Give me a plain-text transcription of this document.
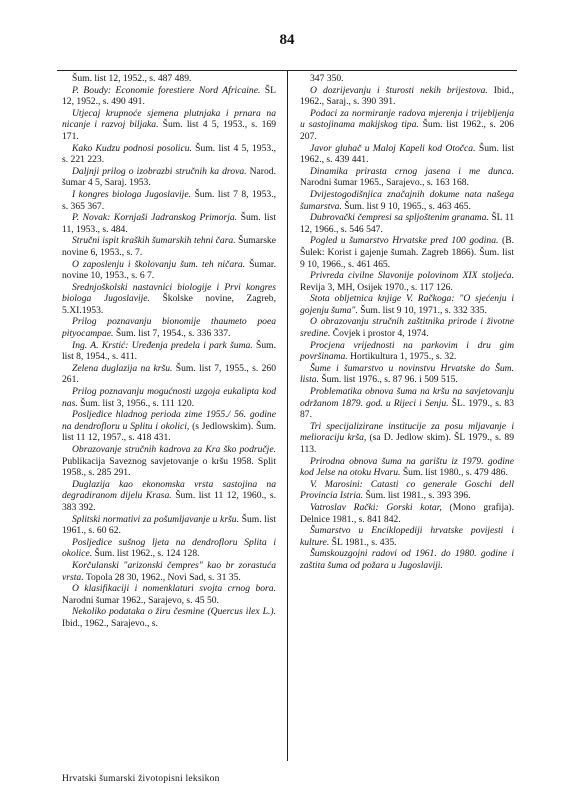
84

Šum. list 12, 1952., s. 487 489.

P. Boudy: Economie forestiere Nord Africaine. ŠL 12, 1952., s. 490 491.

Utjecaj krupnoće sjemena plutnjaka i prnara na nicanje i razvoj biljaka. Šum. list 4 5, 1953., s. 169 171.

Kako Kudzu podnosi posolicu. Šum. list 4 5, 1953., s. 221 223.

Daljnji prilog o izobrazbi stručnih ka drova. Narod. šumar 4 5, Saraj. 1953.

I kongres biologa Jugoslavije. Šum. list 7 8, 1953., s. 365 367.

P. Novak: Kornjaši Jadranskog Primorja. Šum. list 11, 1953., s. 484.

Stručni ispit kraških šumarskih tehni čara. Šumarske novine 6, 1953., s. 7.

O zaposlenju i školovanju šum. teh ničara. Šumar. novine 10, 1953., s. 6 7.

Srednjoškolski nastavnici biologije i Prvi kongres biologa Jugoslavije. Školske novine, Zagreb, 5.XI.1953.

Prilog poznavanju bionomije thaumeto poea pityocampae. Šum. list 7, 1954., s. 336 337.

Ing. A. Krstić: Uređenja predela i park šuma. Šum. list 8, 1954., s. 411.

Zelena duglazija na kršu. Šum. list 7, 1955., s. 260 261.

Prilog poznavanju mogućnosti uzgoja eukalipta kod nas. Šum. list 3, 1956., s. 111 120.

Posljedice hladnog perioda zime 1955./ 56. godine na dendrofloru u Splitu i okolici, (s Jedlowskim). Šum. list 11 12, 1957., s. 418 431.

Obrazovanje stručnih kadrova za Kra ško područje. Publikacija Saveznog savjetovanje o kršu 1958. Split 1958., s. 285 291.

Duglazija kao ekonomska vrsta sastojina na degradiranom dijelu Krasa. Šum. list 11 12, 1960., s. 383 392.

Splitski normativi za pošumljavanje u kršu. Šum. list 1961., s. 60 62.

Posljedice sušnog ljeta na dendrofloru Splita i okolice. Šum. list 1962., s. 124 128.

Korčulanski "arizonski čempres" kao br zorastuća vrsta. Topola 28 30, 1962., Novi Sad, s. 31 35.

O klasifikaciji i nomenklaturi svojta crnog bora. Narodni šumar 1962., Sarajevo, s. 45 50.

Nekoliko podataka o žiru česmine (Quercus ilex L.). Ibid., 1962., Sarajevo., s.

347 350.

O dozrijevanju i šturosti nekih brijestova. Ibid., 1962., Saraj., s. 390 391.

Podaci za normiranje radova mjerenja i trijebljenja u sastojinama makijskog tipa. Šum. list 1962., s. 206 207.

Javor gluhač u Maloj Kapeli kod Otočca. Šum. list 1962., s. 439 441.

Dinamika prirasta crnog jasena i me dunca. Narodni šumar 1965., Sarajevo., s. 163 168.

Dvijestogodišnjica značajnih dokume nata našega šumarstva. Šum. list 9 10, 1965., s. 463 465.

Dubrovački čempresi sa spljoštenim granama. ŠL 11 12, 1966., s. 546 547.

Pogled u šumarstvo Hrvatske pred 100 godina. (B. Šulek: Korist i gajenje šumah. Zagreb 1866). Šum. list 9 10, 1966., s. 461 465.

Privreda civilne Slavonije polovinom XIX stoljeća. Revija 3, MH, Osijek 1970., s. 117 126.

Stota obljetnica knjige V. Račkoga: "O sjećenju i gojenju šuma". Šum. list 9 10, 1971., s. 332 335.

O obrazovanju stručnih zaštitnika prirode i životne sredine. Čovjek i prostor 4, 1974.

Procjena vrijednosti na parkovim i dru gim površinama. Hortikultura 1, 1975., s. 32.

Šume i šumarstvo u novinstvu Hrvatske do Šum. lista. Šum. list 1976., s. 87 96. i 509 515.

Problematika obnova šuma na kršu na savjetovanju održanom 1879. god. u Rijeci i Senju. ŠL. 1979., s. 83 87.

Tri specijalizirane institucije za posu mljavanje i melioraciju krša, (sa D. Jedlow skim). ŠL 1979., s. 89 113.

Prirodna obnova šuma na garištu iz 1979. godine kod Jelse na otoku Hvaru. Šum. list 1980., s. 479 486.

V. Marosini: Catasti co generale Goschi dell Provincia Istria. Šum. list 1981., s. 393 396.

Vatroslav Rački: Gorski kotar, (Mono grafija). Delnice 1981., s. 841 842.

Šumarstvo u Enciklopediji hrvatske povijesti i kulture. ŠL 1981., s. 435.

Šumskouzgojni radovi od 1961. do 1980. godine i zaštita šuma od požara u Jugoslaviji.

Hrvatski šumarski životopisni leksikon
